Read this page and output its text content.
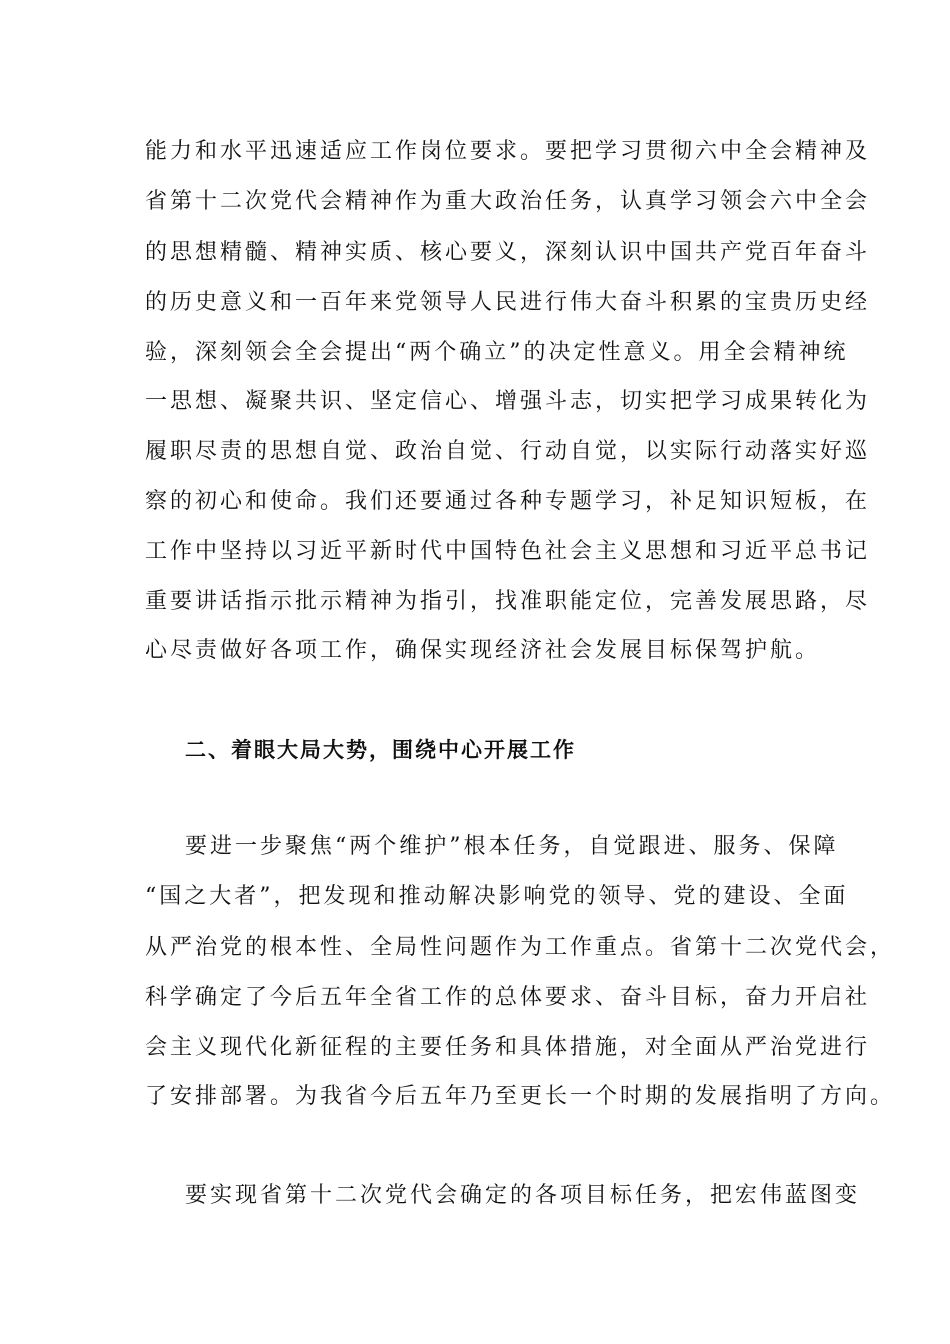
能力和水平迅速适应工作岗位要求。要把学习贯彻六中全会精神及
省第十二次党代会精神作为重大政治任务，认真学习领会六中全会
的思想精髓、精神实质、核心要义，深刻认识中国共产党百年奋斗
的历史意义和一百年来党领导人民进行伟大奋斗积累的宝贵历史经
验，深刻领会全会提出“两个确立”的决定性意义。用全会精神统
一思想、凝聚共识、坚定信心、增强斗志，切实把学习成果转化为
履职尽责的思想自觉、政治自觉、行动自觉，以实际行动落实好巡
察的初心和使命。我们还要通过各种专题学习，补足知识短板，在
工作中坚持以习近平新时代中国特色社会主义思想和习近平总书记
重要讲话指示批示精神为指引，找准职能定位，完善发展思路，尽
心尽责做好各项工作，确保实现经济社会发展目标保驾护航。
二、着眼大局大势，围绕中心开展工作
要进一步聚焦“两个维护”根本任务，自觉跟进、服务、保障
“国之大者”，把发现和推动解决影响党的领导、党的建设、全面
从严治党的根本性、全局性问题作为工作重点。省第十二次党代会，
科学确定了今后五年全省工作的总体要求、奋斗目标，奋力开启社
会主义现代化新征程的主要任务和具体措施，对全面从严治党进行
了安排部署。为我省今后五年乃至更长一个时期的发展指明了方向。
要实现省第十二次党代会确定的各项目标任务，把宏伟蓝图变
